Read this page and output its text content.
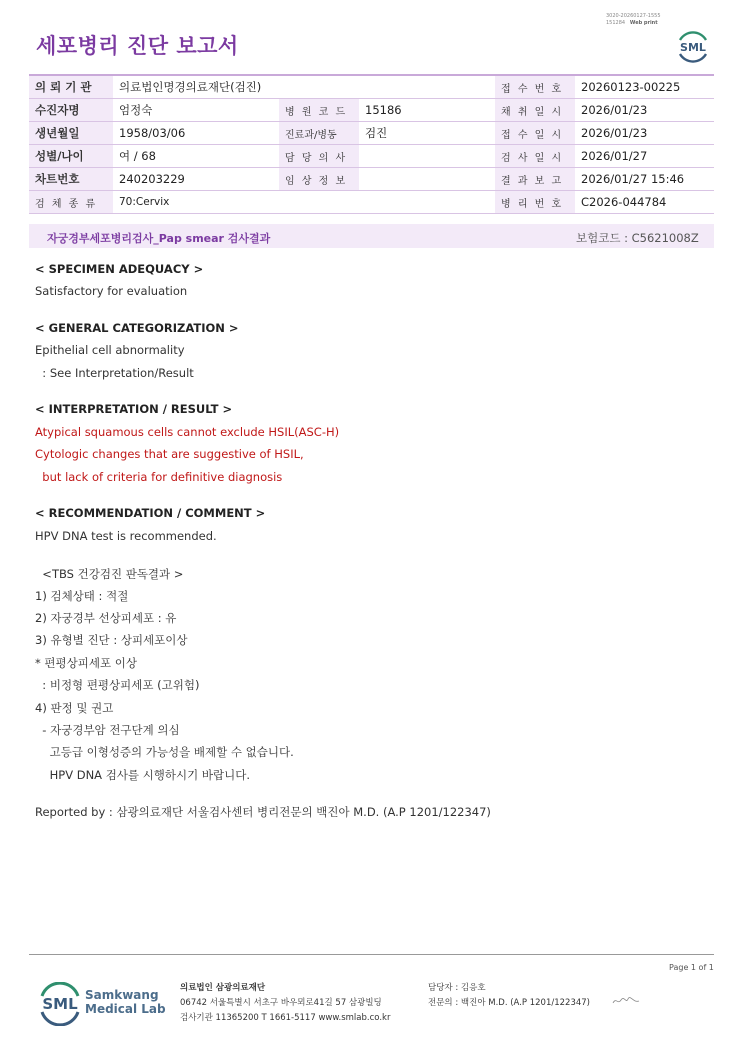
세포병리 진단 보고서
3020-20260127-1555
151284 Web print
SML
의 뢰 기 관	의료법인명경의료재단(검진)			접 수 번 호	20260123-00225
수진자명	엄정숙	병 원 코 드	15186	채 취 일 시	2026/01/23
생년월일	1958/03/06	진료과/병동	검진	접 수 일 시	2026/01/23
성별/나이	여 / 68	담 당 의 사		검 사 일 시	2026/01/27
차트번호	240203229	임 상 정 보		결 과 보 고	2026/01/27 15:46
검 체 종 류	70:Cervix			병 리 번 호	C2026-044784
자궁경부세포병리검사_Pap smear 검사결과	보험코드 : C5621008Z
< SPECIMEN ADEQUACY >
Satisfactory for evaluation
< GENERAL CATEGORIZATION >
Epithelial cell abnormality
: See Interpretation/Result
< INTERPRETATION / RESULT >
Atypical squamous cells cannot exclude HSIL(ASC-H)
Cytologic changes that are suggestive of HSIL,
but lack of criteria for definitive diagnosis
< RECOMMENDATION / COMMENT >
HPV DNA test is recommended.
<TBS 건강검진 판독결과 >
1) 검체상태 : 적절
2) 자궁경부 선상피세포 : 유
3) 유형별 진단 : 상피세포이상
* 편평상피세포 이상
: 비정형 편평상피세포 (고위험)
4) 판정 및 권고
- 자궁경부암 전구단계 의심
고등급 이형성증의 가능성을 배제할 수 없습니다.
HPV DNA 검사를 시행하시기 바랍니다.
Reported by : 삼광의료재단 서울검사센터 병리전문의 백진아 M.D. (A.P 1201/122347)
Page 1 of 1
SML Samkwang
Medical Lab
의료법인 삼광의료재단
06742 서울특별시 서초구 바우뫼로41길 57 삼광빌딩
검사기관 11365200 T 1661-5117 www.smlab.co.kr
담당자 : 김응호
전문의 : 백진아 M.D. (A.P 1201/122347)
